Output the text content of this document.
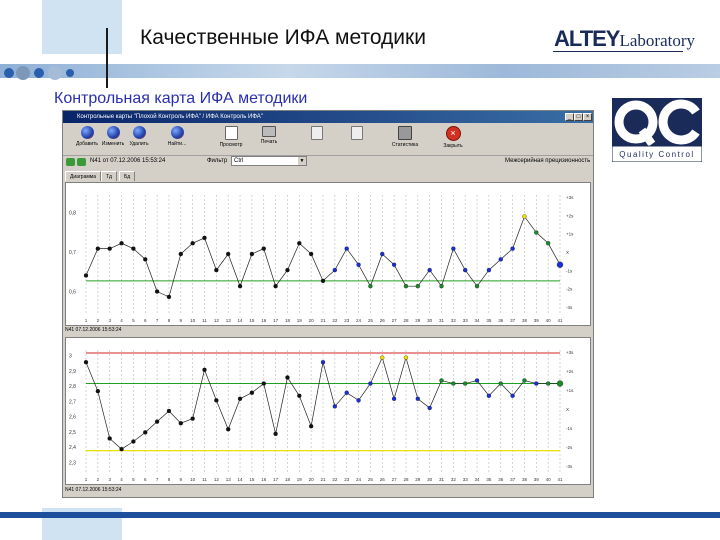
Качественные ИФА методики	ALTEYLaboratory
Контрольная карта ИФА методики
Quality Control
Контрольные карты "Плохой Контроль ИФА" / ИФА Контроль ИФА"	_ □ ×
Добавить Изменить	Удалить	Найти...	Просмотр	Печать	Статистика
×
Закрыть
N41 от 07.12.2006 15:53:24	Фильтр	Ctrl	▼	Межсерийная прецизионность
Диаграмма	Тд	Бд
1 2 3 4 5 6 7 8 9 10 11 12 13 14 15 16 17 18 19 20 21 22 23 24 25 26 27 28 29 30 31 32 33 34 35 36 37 38 39 40 41
0,8
0,7
0,6
+3s
+2s
+1s
X
-1s
-2s
-3s
N41 07.12.2006 15:53:24
1 2 3 4 5 6 7 8 9 10 11 12 13 14 15 16 17 18 19 20 21 22 23 24 25 26 27 28 29 30 31 32 33 34 35 36 37 38 39 40 41
3
2,9
2,8
2,7
2,6
2,5
2,4
2,3
+3s
+2s
+1s
X
-1s
-2s
-3s
N41 07.12.2006 15:53:24
